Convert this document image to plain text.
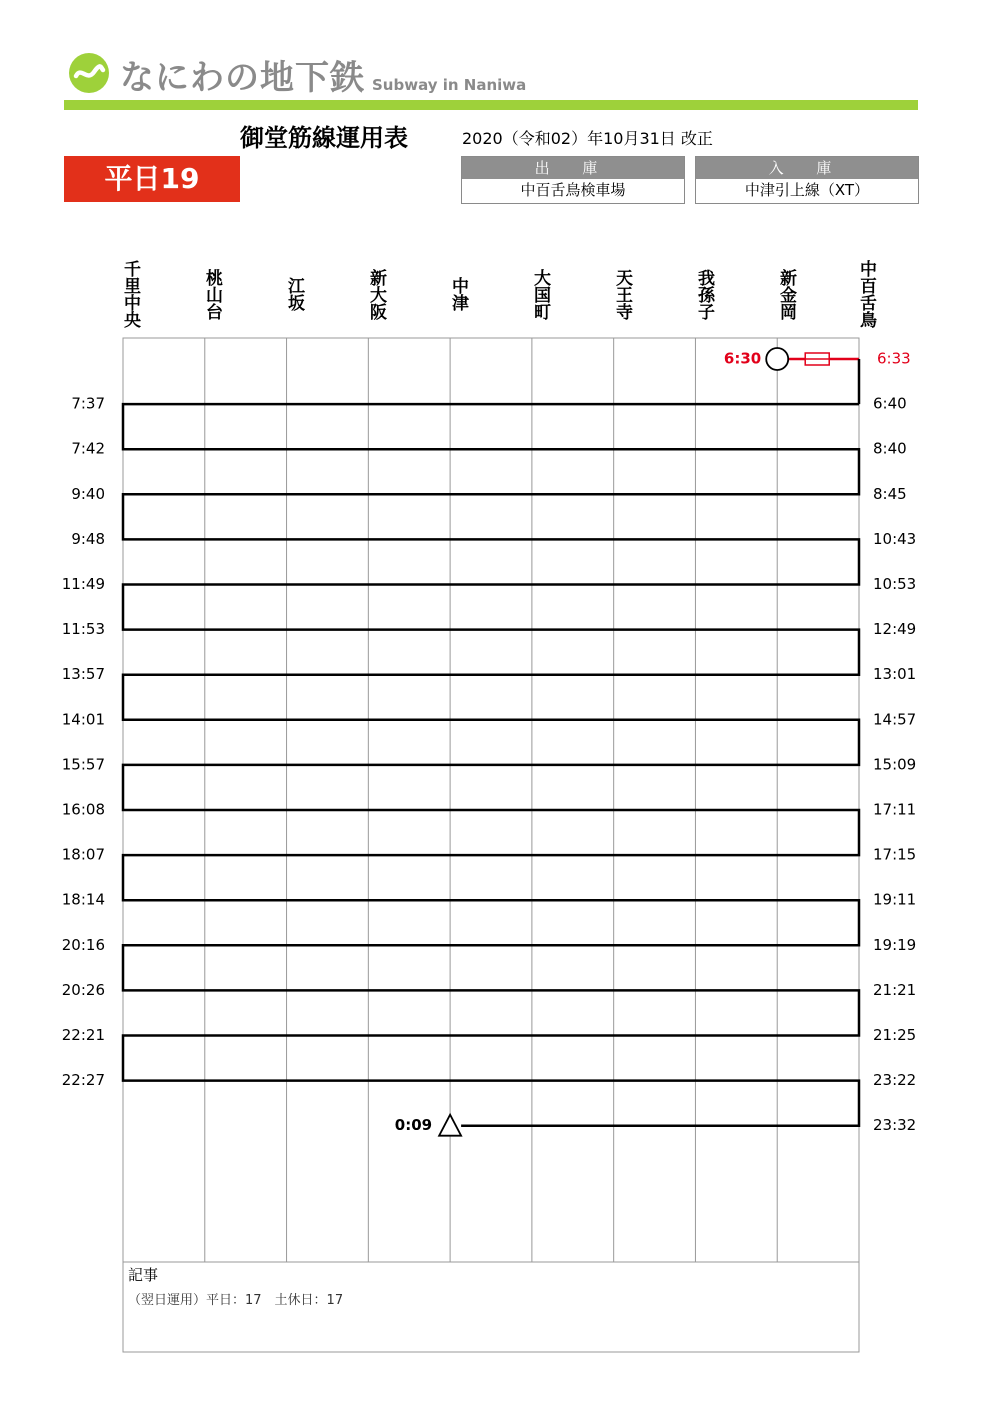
なにわの地下鉄 Subway in Naniwa
御堂筋線運用表	2020（令和02）年10月31日 改正
平日19	出 庫
中百舌鳥検車場
入 庫
中津引上線（XT）
千里中央	桃山台	江坂	新大阪	中津	大国町	天王寺	我孫子	新金岡	中百舌鳥
6:30	6:33
6:40
8:40
8:45
10:43
10:53
12:49
13:01
14:57
15:09
17:11
17:15
19:11
19:19
21:21
21:25
23:22
23:32
7:37
7:42
9:40
9:48
11:49
11:53
13:57
14:01
15:57
16:08
18:07
18:14
20:16
20:26
22:21
22:27
0:09
記事
（翌日運用）平日：17　土休日：17
